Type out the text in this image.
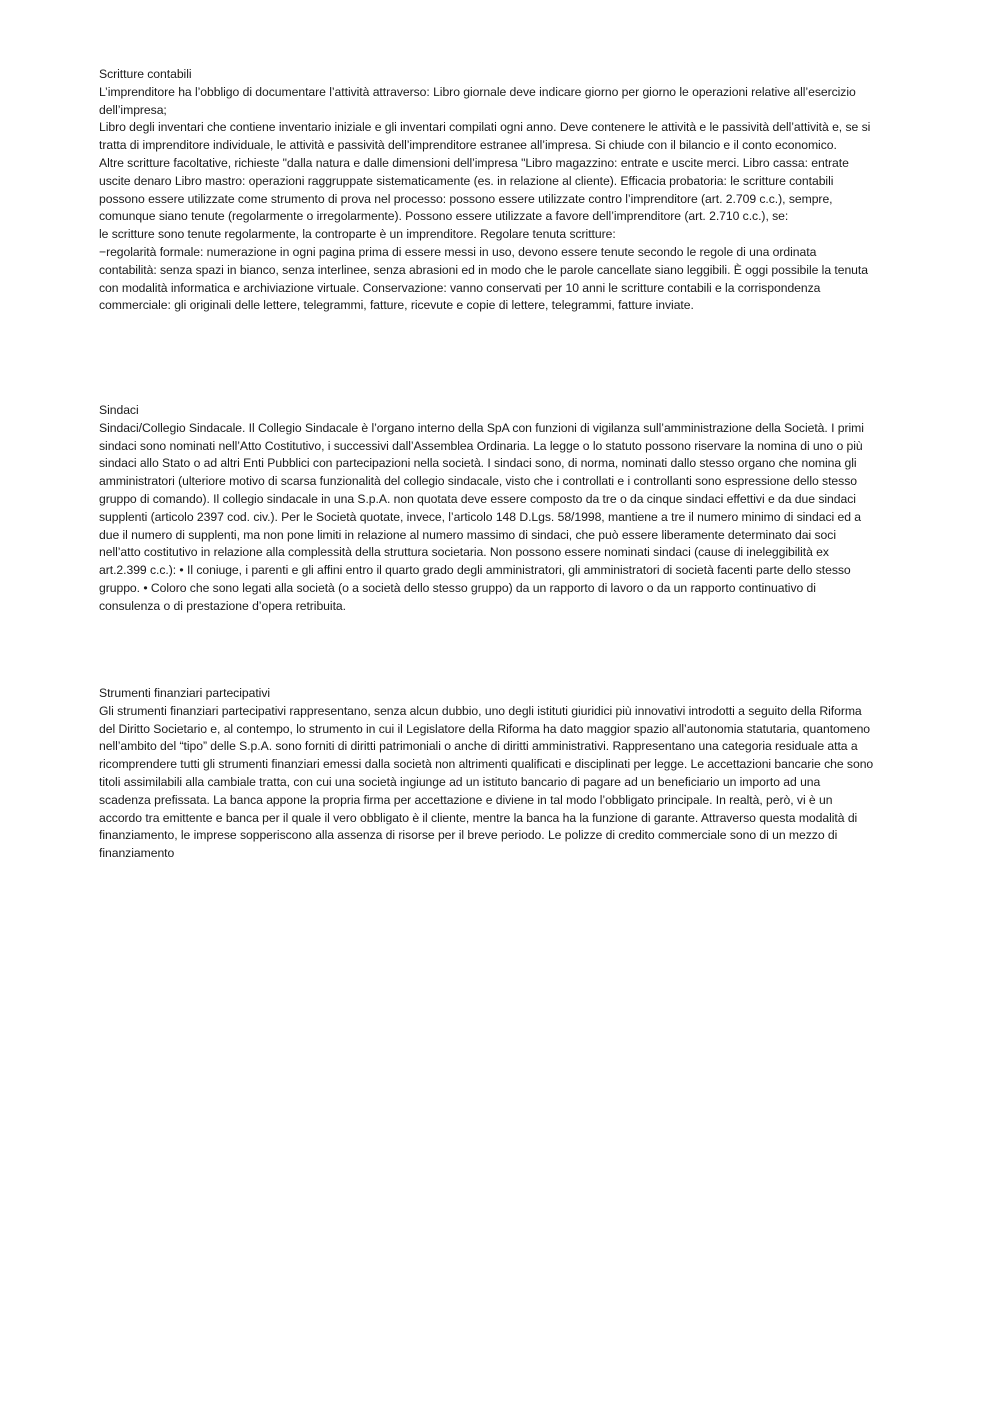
Scritture contabili

L’imprenditore ha l’obbligo di documentare l’attività attraverso: Libro giornale deve indicare giorno per giorno le operazioni relative all’esercizio dell’impresa;

Libro degli inventari che contiene inventario iniziale e gli inventari compilati ogni anno. Deve contenere le attività e le passività dell’attività e, se si tratta di imprenditore individuale, le attività e passività dell’imprenditore estranee all’impresa. Si chiude con il bilancio e il conto economico.

Altre scritture facoltative, richieste "dalla natura e dalle dimensioni dell’impresa "Libro magazzino: entrate e uscite merci. Libro cassa: entrate uscite denaro Libro mastro: operazioni raggruppate sistematicamente (es. in relazione al cliente). Efficacia probatoria: le scritture contabili possono essere utilizzate come strumento di prova nel processo: possono essere utilizzate contro l’imprenditore (art. 2.709 c.c.), sempre, comunque siano tenute (regolarmente o irregolarmente). Possono essere utilizzate a favore dell’imprenditore (art. 2.710 c.c.), se:

le scritture sono tenute regolarmente, la controparte è un imprenditore. Regolare tenuta scritture:

−regolarità formale: numerazione in ogni pagina prima di essere messi in uso, devono essere tenute secondo le regole di una ordinata contabilità: senza spazi in bianco, senza interlinee, senza abrasioni ed in modo che le parole cancellate siano leggibili. È oggi possibile la tenuta con modalità informatica e archiviazione virtuale. Conservazione: vanno conservati per 10 anni le scritture contabili e la corrispondenza commerciale: gli originali delle lettere, telegrammi, fatture, ricevute e copie di lettere, telegrammi, fatture inviate.

Sindaci

Sindaci/Collegio Sindacale. Il Collegio Sindacale è l’organo interno della SpA con funzioni di vigilanza sull’amministrazione della Società. I primi sindaci sono nominati nell’Atto Costitutivo, i successivi dall’Assemblea Ordinaria. La legge o lo statuto possono riservare la nomina di uno o più sindaci allo Stato o ad altri Enti Pubblici con partecipazioni nella società. I sindaci sono, di norma, nominati dallo stesso organo che nomina gli amministratori (ulteriore motivo di scarsa funzionalità del collegio sindacale, visto che i controllati e i controllanti sono espressione dello stesso gruppo di comando). Il collegio sindacale in una S.p.A. non quotata deve essere composto da tre o da cinque sindaci effettivi e da due sindaci supplenti (articolo 2397 cod. civ.). Per le Società quotate, invece, l’articolo 148 D.Lgs. 58/1998, mantiene a tre il numero minimo di sindaci ed a due il numero di supplenti, ma non pone limiti in relazione al numero massimo di sindaci, che può essere liberamente determinato dai soci nell’atto costitutivo in relazione alla complessità della struttura societaria. Non possono essere nominati sindaci (cause di ineleggibilità ex art.2.399 c.c.): • Il coniuge, i parenti e gli affini entro il quarto grado degli amministratori, gli amministratori di società facenti parte dello stesso gruppo. • Coloro che sono legati alla società (o a società dello stesso gruppo) da un rapporto di lavoro o da un rapporto continuativo di consulenza o di prestazione d’opera retribuita.

Strumenti finanziari partecipativi

Gli strumenti finanziari partecipativi rappresentano, senza alcun dubbio, uno degli istituti giuridici più innovativi introdotti a seguito della Riforma del Diritto Societario e, al contempo, lo strumento in cui il Legislatore della Riforma ha dato maggior spazio all’autonomia statutaria, quantomeno nell’ambito del “tipo” delle S.p.A. sono forniti di diritti patrimoniali o anche di diritti amministrativi. Rappresentano una categoria residuale atta a ricomprendere tutti gli strumenti finanziari emessi dalla società non altrimenti qualificati e disciplinati per legge. Le accettazioni bancarie che sono titoli assimilabili alla cambiale tratta, con cui una società ingiunge ad un istituto bancario di pagare ad un beneficiario un importo ad una scadenza prefissata. La banca appone la propria firma per accettazione e diviene in tal modo l’obbligato principale. In realtà, però, vi è un accordo tra emittente e banca per il quale il vero obbligato è il cliente, mentre la banca ha la funzione di garante. Attraverso questa modalità di finanziamento, le imprese sopperiscono alla assenza di risorse per il breve periodo. Le polizze di credito commerciale sono di un mezzo di finanziamento
